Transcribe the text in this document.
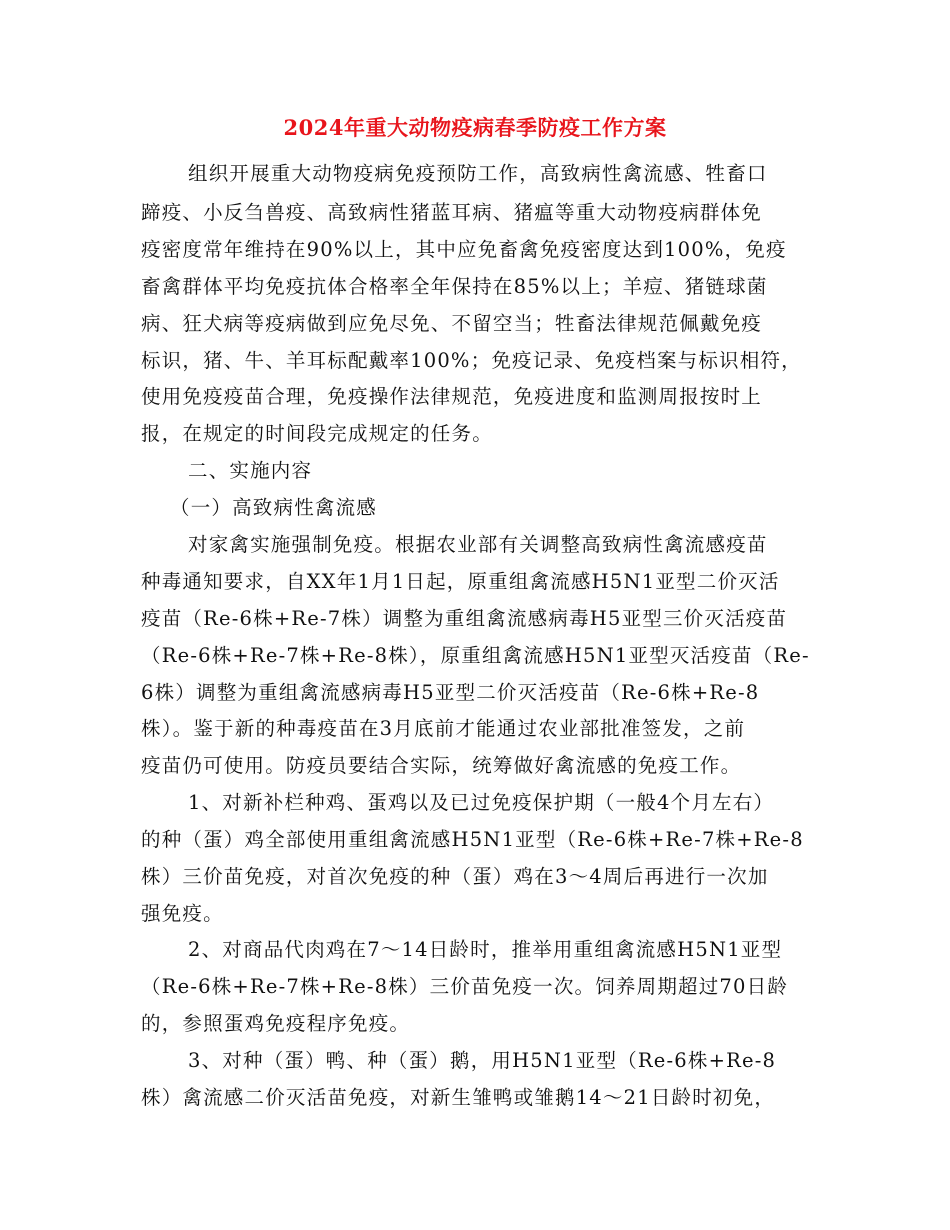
2024年重大动物疫病春季防疫工作方案
组织开展重大动物疫病免疫预防工作，高致病性禽流感、牲畜口
蹄疫、小反刍兽疫、高致病性猪蓝耳病、猪瘟等重大动物疫病群体免
疫密度常年维持在90%以上，其中应免畜禽免疫密度达到100%，免疫
畜禽群体平均免疫抗体合格率全年保持在85%以上；羊痘、猪链球菌
病、狂犬病等疫病做到应免尽免、不留空当；牲畜法律规范佩戴免疫
标识，猪、牛、羊耳标配戴率100%；免疫记录、免疫档案与标识相符，
使用免疫疫苗合理，免疫操作法律规范，免疫进度和监测周报按时上
报，在规定的时间段完成规定的任务。
二、实施内容
（一）高致病性禽流感
对家禽实施强制免疫。根据农业部有关调整高致病性禽流感疫苗
种毒通知要求，自XX年1月1日起，原重组禽流感H5N1亚型二价灭活
疫苗（Re-6株+Re-7株）调整为重组禽流感病毒H5亚型三价灭活疫苗
（Re-6株+Re-7株+Re-8株），原重组禽流感H5N1亚型灭活疫苗（Re-
6株）调整为重组禽流感病毒H5亚型二价灭活疫苗（Re-6株+Re-8
株）。鉴于新的种毒疫苗在3月底前才能通过农业部批准签发，之前
疫苗仍可使用。防疫员要结合实际，统筹做好禽流感的免疫工作。
1、对新补栏种鸡、蛋鸡以及已过免疫保护期（一般4个月左右）
的种（蛋）鸡全部使用重组禽流感H5N1亚型（Re-6株+Re-7株+Re-8
株）三价苗免疫，对首次免疫的种（蛋）鸡在3～4周后再进行一次加
强免疫。
2、对商品代肉鸡在7～14日龄时，推举用重组禽流感H5N1亚型
（Re-6株+Re-7株+Re-8株）三价苗免疫一次。饲养周期超过70日龄
的，参照蛋鸡免疫程序免疫。
3、对种（蛋）鸭、种（蛋）鹅，用H5N1亚型（Re-6株+Re-8
株）禽流感二价灭活苗免疫，对新生雏鸭或雏鹅14～21日龄时初免，
